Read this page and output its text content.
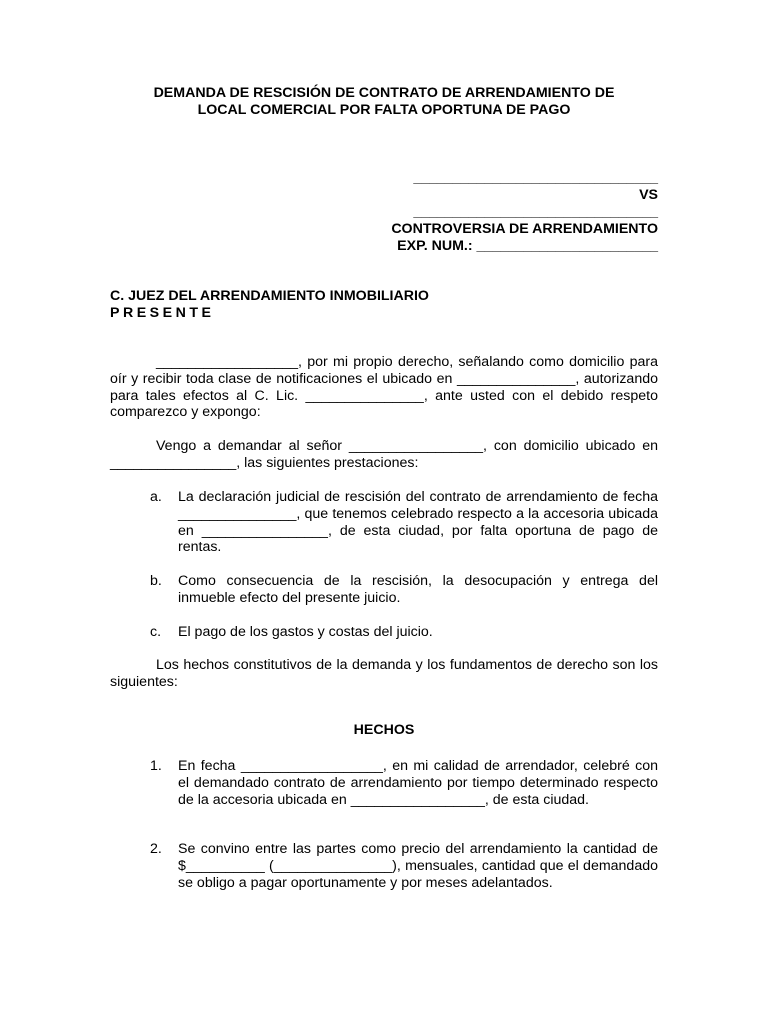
DEMANDA DE RESCISIÓN DE CONTRATO DE ARRENDAMIENTO DE
LOCAL COMERCIAL POR FALTA OPORTUNA DE PAGO
_______________________________
VS
_______________________________
CONTROVERSIA DE ARRENDAMIENTO
EXP. NUM.: _______________________
C. JUEZ DEL ARRENDAMIENTO INMOBILIARIO
PRESENTE

__________________, por mi propio derecho, señalando como domicilio para oír y recibir toda clase de notificaciones el ubicado en _______________, autorizando para tales efectos al C. Lic. _______________, ante usted con el debido respeto comparezco y expongo:

Vengo a demandar al señor _________________, con domicilio ubicado en ________________, las siguientes prestaciones:

a.	La declaración judicial de rescisión del contrato de arrendamiento de fecha _______________, que tenemos celebrado respecto a la accesoria ubicada en ________________, de esta ciudad, por falta oportuna de pago de rentas.
b.	Como consecuencia de la rescisión, la desocupación y entrega del inmueble efecto del presente juicio.
c.	El pago de los gastos y costas del juicio.

Los hechos constitutivos de la demanda y los fundamentos de derecho son los siguientes:

HECHOS
1.	En fecha __________________, en mi calidad de arrendador, celebré con el demandado contrato de arrendamiento por tiempo determinado respecto de la accesoria ubicada en _________________, de esta ciudad.
2.	Se convino entre las partes como precio del arrendamiento la cantidad de $__________ (_______________), mensuales, cantidad que el demandado se obligo a pagar oportunamente y por meses adelantados.
